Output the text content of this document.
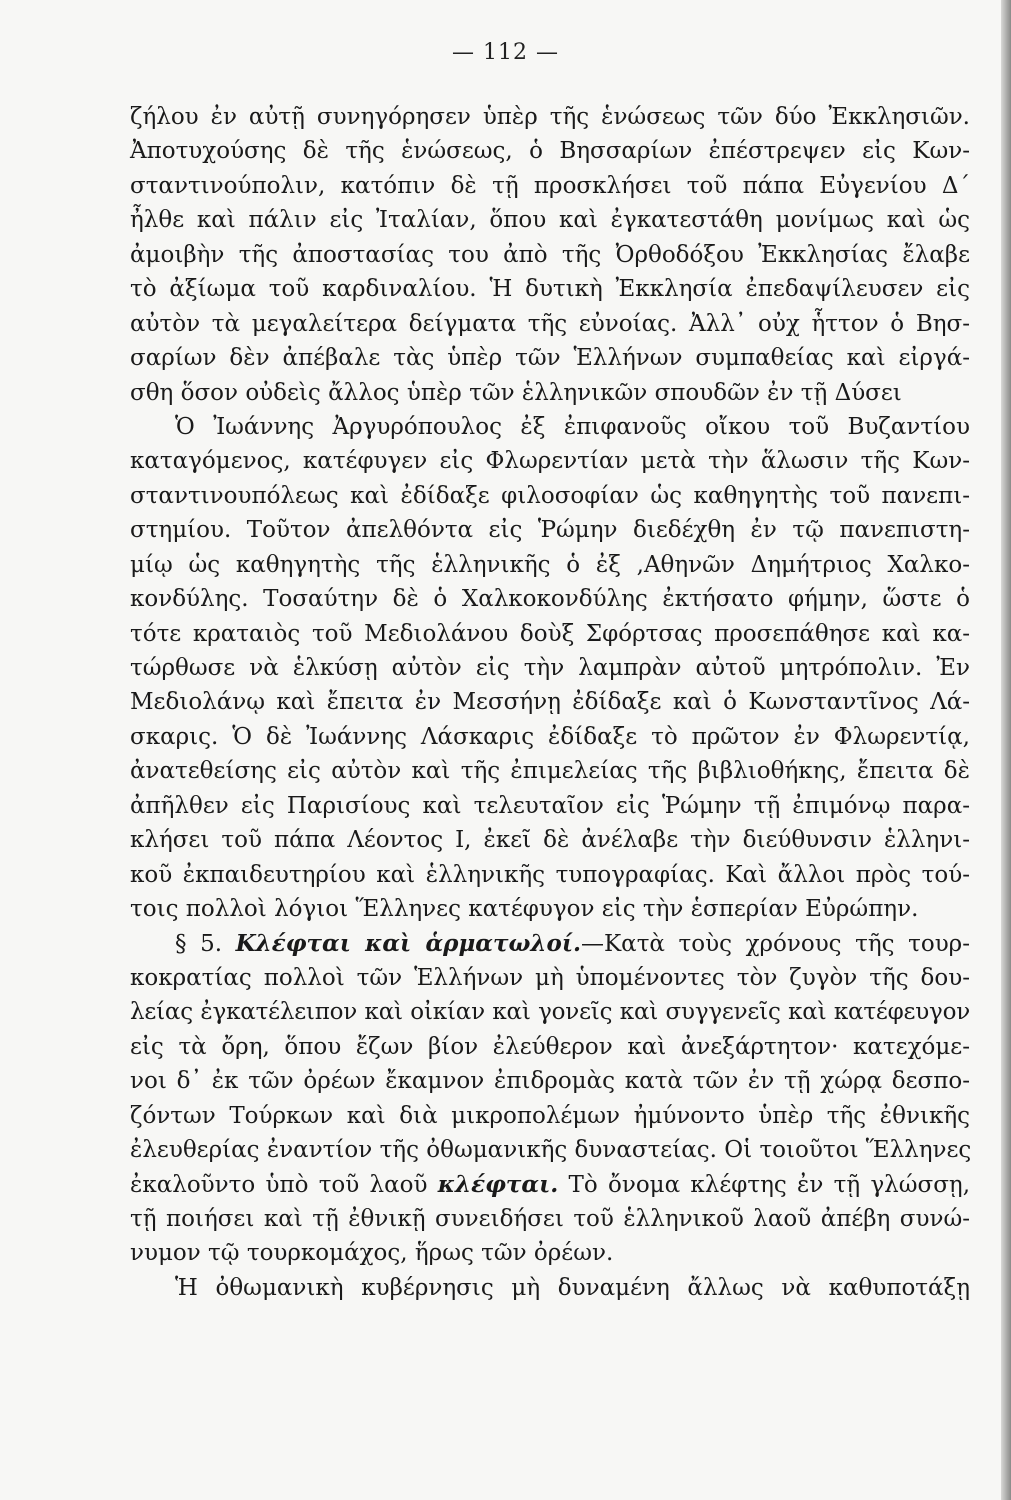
— 112 —
ζήλου ἐν αὐτῇ συνηγόρησεν ὑπὲρ τῆς ἑνώσεως τῶν δύο Ἐκκλησιῶν.
Ἀποτυχούσης δὲ τῆς ἑνώσεως, ὁ Βησσαρίων ἐπέστρεψεν εἰς Κων-
σταντινούπολιν, κατόπιν δὲ τῇ προσκλήσει τοῦ πάπα Εὐγενίου Δ´
ἦλθε καὶ πάλιν εἰς Ἰταλίαν, ὅπου καὶ ἐγκατεστάθη μονίμως καὶ ὡς
ἀμοιβὴν τῆς ἀποστασίας του ἀπὸ τῆς Ὀρθοδόξου Ἐκκλησίας ἔλαβε
τὸ ἀξίωμα τοῦ καρδιναλίου. Ἡ δυτικὴ Ἐκκλησία ἐπεδαψίλευσεν εἰς
αὐτὸν τὰ μεγαλείτερα δείγματα τῆς εὐνοίας. Ἀλλ᾿ οὐχ ἧττον ὁ Βησ-
σαρίων δὲν ἀπέβαλε τὰς ὑπὲρ τῶν Ἑλλήνων συμπαθείας καὶ εἰργά-
σθη ὅσον οὐδεὶς ἄλλος ὑπὲρ τῶν ἑλληνικῶν σπουδῶν ἐν τῇ Δύσει
Ὁ Ἰωάννης Ἀργυρόπουλος ἐξ ἐπιφανοῦς οἴκου τοῦ Βυζαντίου
καταγόμενος, κατέφυγεν εἰς Φλωρεντίαν μετὰ τὴν ἅλωσιν τῆς Κων-
σταντινουπόλεως καὶ ἐδίδαξε φιλοσοφίαν ὡς καθηγητὴς τοῦ πανεπι-
στημίου. Τοῦτον ἀπελθόντα εἰς Ῥώμην διεδέχθη ἐν τῷ πανεπιστη-
μίῳ ὡς καθηγητὴς τῆς ἑλληνικῆς ὁ ἐξ ,Αθηνῶν Δημήτριος Χαλκο-
κονδύλης. Τοσαύτην δὲ ὁ Χαλκοκονδύλης ἐκτήσατο φήμην, ὥστε ὁ
τότε κραταιὸς τοῦ Μεδιολάνου δοὺξ Σφόρτσας προσεπάθησε καὶ κα-
τώρθωσε νὰ ἑλκύσῃ αὐτὸν εἰς τὴν λαμπρὰν αὐτοῦ μητρόπολιν. Ἐν
Μεδιολάνῳ καὶ ἔπειτα ἐν Μεσσήνῃ ἐδίδαξε καὶ ὁ Κωνσταντῖνος Λά-
σκαρις. Ὁ δὲ Ἰωάννης Λάσκαρις ἐδίδαξε τὸ πρῶτον ἐν Φλωρεντίᾳ,
ἀνατεθείσης εἰς αὐτὸν καὶ τῆς ἐπιμελείας τῆς βιβλιοθήκης, ἔπειτα δὲ
ἀπῆλθεν εἰς Παρισίους καὶ τελευταῖον εἰς Ῥώμην τῇ ἐπιμόνῳ παρα-
κλήσει τοῦ πάπα Λέοντος Ι, ἐκεῖ δὲ ἀνέλαβε τὴν διεύθυνσιν ἑλληνι-
κοῦ ἐκπαιδευτηρίου καὶ ἑλληνικῆς τυπογραφίας. Καὶ ἄλλοι πρὸς τού-
τοις πολλοὶ λόγιοι Ἕλληνες κατέφυγον εἰς τὴν ἑσπερίαν Εὐρώπην.
§ 5. Κλέφται καὶ ἁρματωλοί.—Κατὰ τοὺς χρόνους τῆς τουρ-
κοκρατίας πολλοὶ τῶν Ἑλλήνων μὴ ὑπομένοντες τὸν ζυγὸν τῆς δου-
λείας ἐγκατέλειπον καὶ οἰκίαν καὶ γονεῖς καὶ συγγενεῖς καὶ κατέφευγον
εἰς τὰ ὄρη, ὅπου ἔζων βίον ἐλεύθερον καὶ ἀνεξάρτητον· κατεχόμε-
νοι δ᾿ ἐκ τῶν ὀρέων ἔκαμνον ἐπιδρομὰς κατὰ τῶν ἐν τῇ χώρᾳ δεσπο-
ζόντων Τούρκων καὶ διὰ μικροπολέμων ἠμύνοντο ὑπὲρ τῆς ἐθνικῆς
ἐλευθερίας ἐναντίον τῆς ὀθωμανικῆς δυναστείας. Οἱ τοιοῦτοι Ἕλληνες
ἐκαλοῦντο ὑπὸ τοῦ λαοῦ κλέφται. Τὸ ὄνομα κλέφτης ἐν τῇ γλώσσῃ,
τῇ ποιήσει καὶ τῇ ἐθνικῇ συνειδήσει τοῦ ἑλληνικοῦ λαοῦ ἀπέβη συνώ-
νυμον τῷ τουρκομάχος, ἥρως τῶν ὀρέων.
Ἡ ὀθωμανικὴ κυβέρνησις μὴ δυναμένη ἄλλως νὰ καθυποτάξῃ
